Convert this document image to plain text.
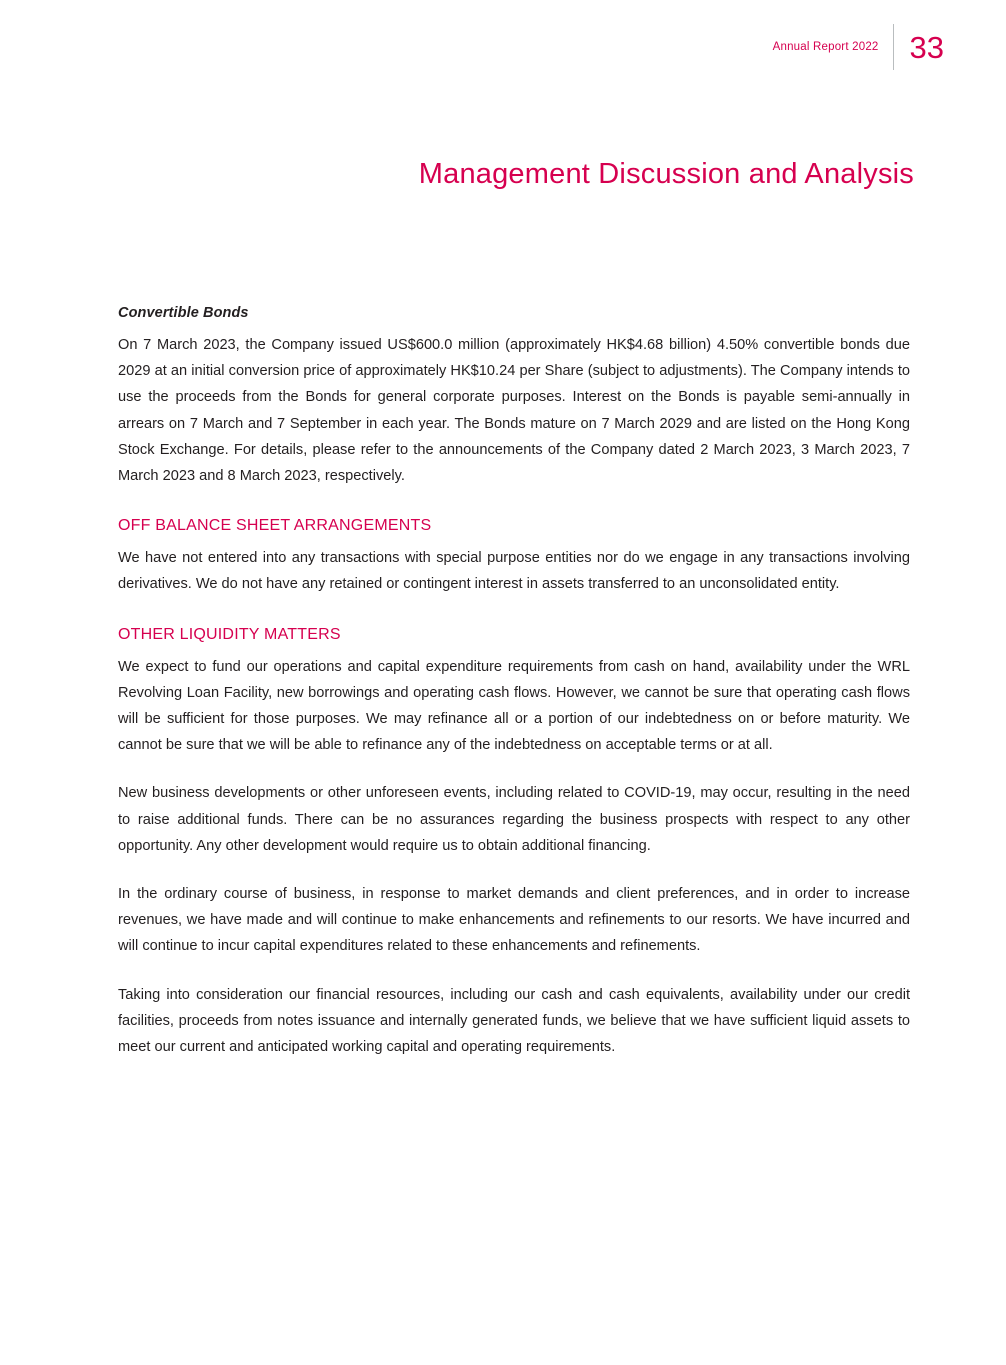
Annual Report 2022	33
Management Discussion and Analysis
Convertible Bonds

On 7 March 2023, the Company issued US$600.0 million (approximately HK$4.68 billion) 4.50% convertible bonds due 2029 at an initial conversion price of approximately HK$10.24 per Share (subject to adjustments). The Company intends to use the proceeds from the Bonds for general corporate purposes. Interest on the Bonds is payable semi-annually in arrears on 7 March and 7 September in each year. The Bonds mature on 7 March 2029 and are listed on the Hong Kong Stock Exchange. For details, please refer to the announcements of the Company dated 2 March 2023, 3 March 2023, 7 March 2023 and 8 March 2023, respectively.

OFF BALANCE SHEET ARRANGEMENTS

We have not entered into any transactions with special purpose entities nor do we engage in any transactions involving derivatives. We do not have any retained or contingent interest in assets transferred to an unconsolidated entity.

OTHER LIQUIDITY MATTERS

We expect to fund our operations and capital expenditure requirements from cash on hand, availability under the WRL Revolving Loan Facility, new borrowings and operating cash flows. However, we cannot be sure that operating cash flows will be sufficient for those purposes. We may refinance all or a portion of our indebtedness on or before maturity. We cannot be sure that we will be able to refinance any of the indebtedness on acceptable terms or at all.

New business developments or other unforeseen events, including related to COVID-19, may occur, resulting in the need to raise additional funds. There can be no assurances regarding the business prospects with respect to any other opportunity. Any other development would require us to obtain additional financing.

In the ordinary course of business, in response to market demands and client preferences, and in order to increase revenues, we have made and will continue to make enhancements and refinements to our resorts. We have incurred and will continue to incur capital expenditures related to these enhancements and refinements.

Taking into consideration our financial resources, including our cash and cash equivalents, availability under our credit facilities, proceeds from notes issuance and internally generated funds, we believe that we have sufficient liquid assets to meet our current and anticipated working capital and operating requirements.
